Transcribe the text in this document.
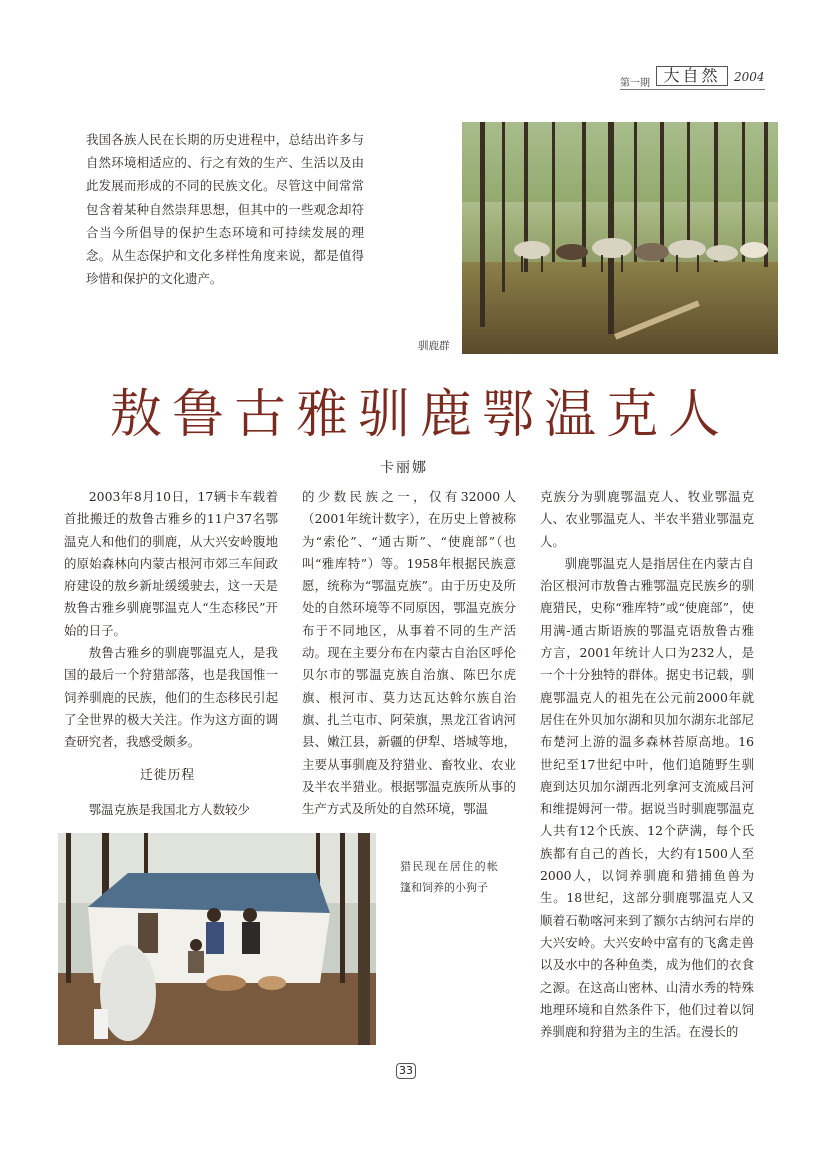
第一期 大自然	2004

我国各族人民在长期的历史进程中，总结出许多与自然环境相适应的、行之有效的生产、生活以及由此发展而形成的不同的民族文化。尽管这中间常常包含着某种自然崇拜思想，但其中的一些观念却符合当今所倡导的保护生态环境和可持续发展的理念。从生态保护和文化多样性角度来说，都是值得珍惜和保护的文化遗产。

驯鹿群
敖鲁古雅驯鹿鄂温克人
卡丽娜

2003年8月10日，17辆卡车载着首批搬迁的敖鲁古雅乡的11户37名鄂温克人和他们的驯鹿，从大兴安岭腹地的原始森林向内蒙古根河市郊三车间政府建设的敖乡新址缓缓驶去，这一天是敖鲁古雅乡驯鹿鄂温克人“生态移民”开始的日子。

敖鲁古雅乡的驯鹿鄂温克人，是我国的最后一个狩猎部落，也是我国惟一饲养驯鹿的民族，他们的生态移民引起了全世界的极大关注。作为这方面的调查研究者，我感受颇多。

迁徙历程

鄂温克族是我国北方人数较少

的少数民族之一，仅有32000人（2001年统计数字），在历史上曾被称为“索伦”、“通古斯”、“使鹿部”（也叫“雅库特”）等。1958年根据民族意愿，统称为“鄂温克族”。由于历史及所处的自然环境等不同原因，鄂温克族分布于不同地区，从事着不同的生产活动。现在主要分布在内蒙古自治区呼伦贝尔市的鄂温克族自治旗、陈巴尔虎旗、根河市、莫力达瓦达斡尔族自治旗、扎兰屯市、阿荣旗，黑龙江省讷河县、嫩江县，新疆的伊犁、塔城等地，主要从事驯鹿及狩猎业、畜牧业、农业及半农半猎业。根据鄂温克族所从事的生产方式及所处的自然环境，鄂温

克族分为驯鹿鄂温克人、牧业鄂温克人、农业鄂温克人、半农半猎业鄂温克人。

驯鹿鄂温克人是指居住在内蒙古自治区根河市敖鲁古雅鄂温克民族乡的驯鹿猎民，史称“雅库特”或“使鹿部”，使用满-通古斯语族的鄂温克语敖鲁古雅方言，2001年统计人口为232人，是一个十分独特的群体。据史书记载，驯鹿鄂温克人的祖先在公元前2000年就居住在外贝加尔湖和贝加尔湖东北部尼布楚河上游的温多森林苔原高地。16世纪至17世纪中叶，他们追随野生驯鹿到达贝加尔湖西北列拿河支流威吕河和维提姆河一带。据说当时驯鹿鄂温克人共有12个氏族、12个萨满，每个氏族都有自己的酋长，大约有1500人至2000人，以饲养驯鹿和猎捕鱼兽为生。18世纪，这部分驯鹿鄂温克人又顺着石勒喀河来到了额尔古纳河右岸的大兴安岭。大兴安岭中富有的飞禽走兽以及水中的各种鱼类，成为他们的衣食之源。在这高山密林、山清水秀的特殊地理环境和自然条件下，他们过着以饲养驯鹿和狩猎为主的生活。在漫长的

猎民现在居住的帐篷和饲养的小狗子
33
